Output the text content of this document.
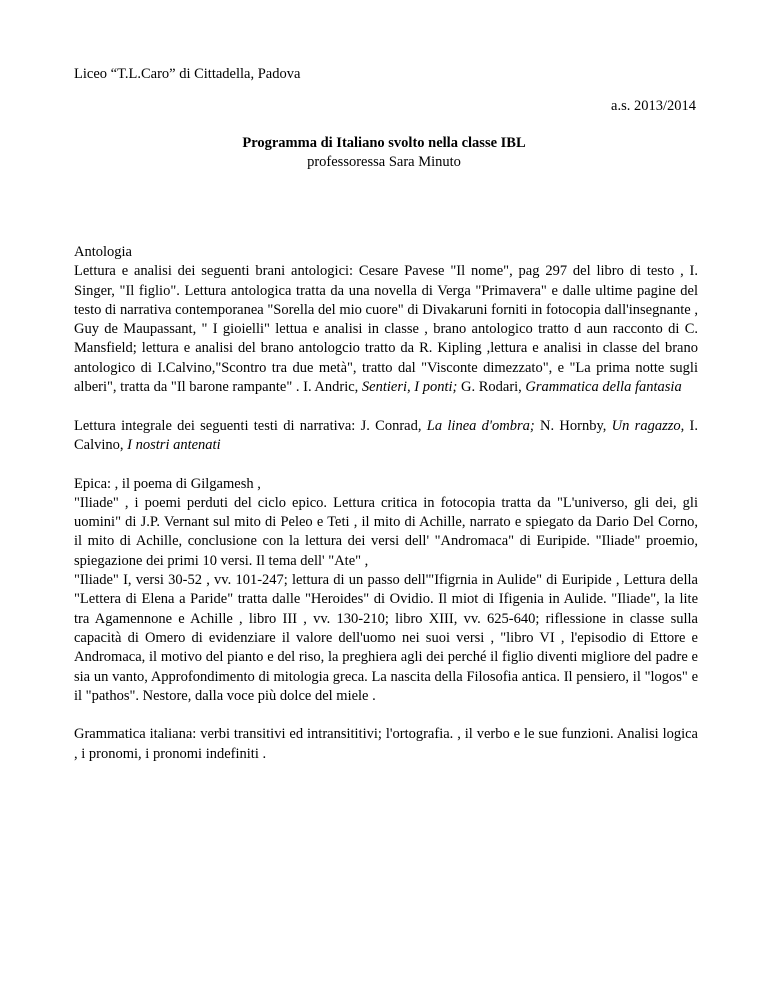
Liceo “T.L.Caro” di Cittadella, Padova
a.s. 2013/2014
Programma di Italiano svolto nella classe IBL
professoressa Sara Minuto

Antologia
Lettura e analisi dei seguenti brani antologici: Cesare Pavese "Il nome", pag 297 del libro di testo , I. Singer, "Il figlio". Lettura antologica tratta da una novella di Verga "Primavera" e dalle ultime pagine del testo di narrativa contemporanea "Sorella del mio cuore" di Divakaruni forniti in fotocopia dall'insegnante , Guy de Maupassant, " I gioielli" lettua e analisi in classe , brano antologico tratto d aun racconto di C. Mansfield; lettura e analisi del brano antologcio tratto da R. Kipling ,lettura e analisi in classe del brano antologico di I.Calvino,"Scontro tra due metà", tratto dal "Visconte dimezzato", e "La prima notte sugli alberi", tratta da "Il barone rampante" . I. Andric, Sentieri, I ponti; G. Rodari, Grammatica della fantasia

Lettura integrale dei seguenti testi di narrativa: J. Conrad, La linea d'ombra; N. Hornby, Un ragazzo, I. Calvino, I nostri antenati

Epica: , il poema di Gilgamesh ,
"Iliade" , i poemi perduti del ciclo epico. Lettura critica in fotocopia tratta da "L'universo, gli dei, gli uomini" di J.P. Vernant sul mito di Peleo e Teti , il mito di Achille, narrato e spiegato da Dario Del Corno, il mito di Achille, conclusione con la lettura dei versi dell' "Andromaca" di Euripide. "Iliade" proemio, spiegazione dei primi 10 versi. Il tema dell' "Ate" ,
"Iliade" I, versi 30-52 , vv. 101-247; lettura di un passo dell'"Ifigrnia in Aulide" di Euripide , Lettura della "Lettera di Elena a Paride" tratta dalle "Heroides" di Ovidio. Il miot di Ifigenia in Aulide. "Iliade", la lite tra Agamennone e Achille , libro III , vv. 130-210; libro XIII, vv. 625-640; riflessione in classe sulla capacità di Omero di evidenziare il valore dell'uomo nei suoi versi , "libro VI , l'episodio di Ettore e Andromaca, il motivo del pianto e del riso, la preghiera agli dei perché il figlio diventi migliore del padre e sia un vanto, Approfondimento di mitologia greca. La nascita della Filosofia antica. Il pensiero, il "logos" e il "pathos". Nestore, dalla voce più dolce del miele .

Grammatica italiana: verbi transitivi ed intransititivi; l'ortografia. , il verbo e le sue funzioni. Analisi logica , i pronomi, i pronomi indefiniti .
